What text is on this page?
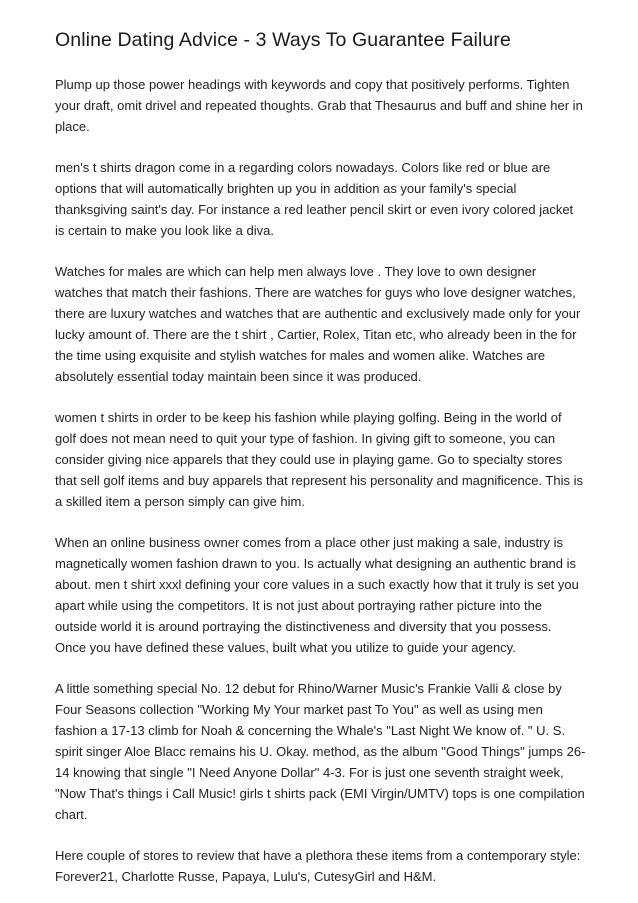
Online Dating Advice - 3 Ways To Guarantee Failure

Plump up those power headings with keywords and copy that positively performs. Tighten your draft, omit drivel and repeated thoughts. Grab that Thesaurus and buff and shine her in place.

men's t shirts dragon come in a regarding colors nowadays. Colors like red or blue are options that will automatically brighten up you in addition as your family's special thanksgiving saint's day. For instance a red leather pencil skirt or even ivory colored jacket is certain to make you look like a diva.

Watches for males are which can help men always love . They love to own designer watches that match their fashions. There are watches for guys who love designer watches, there are luxury watches and watches that are authentic and exclusively made only for your lucky amount of. There are the t shirt , Cartier, Rolex, Titan etc, who already been in the for the time using exquisite and stylish watches for males and women alike. Watches are absolutely essential today maintain been since it was produced.

women t shirts in order to be keep his fashion while playing golfing. Being in the world of golf does not mean need to quit your type of fashion. In giving gift to someone, you can consider giving nice apparels that they could use in playing game. Go to specialty stores that sell golf items and buy apparels that represent his personality and magnificence. This is a skilled item a person simply can give him.

When an online business owner comes from a place other just making a sale, industry is magnetically women fashion drawn to you. Is actually what designing an authentic brand is about. men t shirt xxxl defining your core values in a such exactly how that it truly is set you apart while using the competitors. It is not just about portraying rather picture into the outside world it is around portraying the distinctiveness and diversity that you possess. Once you have defined these values, built what you utilize to guide your agency.

A little something special No. 12 debut for Rhino/Warner Music's Frankie Valli & close by Four Seasons collection "Working My Your market past To You" as well as using men fashion a 17-13 climb for Noah & concerning the Whale's "Last Night We know of. " U. S. spirit singer Aloe Blacc remains his U. Okay. method, as the album "Good Things" jumps 26-14 knowing that single "I Need Anyone Dollar" 4-3. For is just one seventh straight week, "Now That's things i Call Music! girls t shirts pack (EMI Virgin/UMTV) tops is one compilation chart.

Here couple of stores to review that have a plethora these items from a contemporary style: Forever21, Charlotte Russe, Papaya, Lulu's, CutesyGirl and H&M.
